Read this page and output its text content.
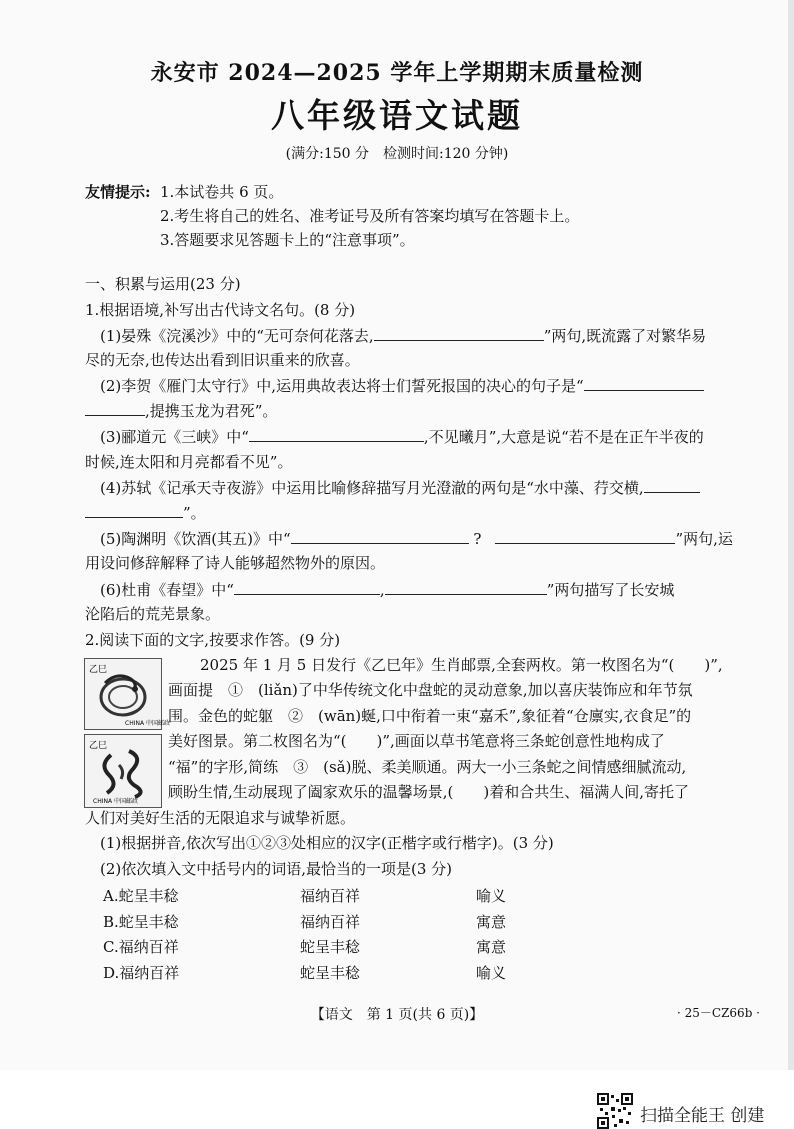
永安市 2024—2025 学年上学期期末质量检测
八年级语文试题
(满分:150 分　检测时间:120 分钟)
友情提示: 1.本试卷共 6 页。
2.考生将自己的姓名、准考证号及所有答案均填写在答题卡上。
3.答题要求见答题卡上的“注意事项”。
一、积累与运用(23 分)
1.根据语境,补写出古代诗文名句。(8 分)
(1)晏殊《浣溪沙》中的“无可奈何花落去,	”两句,既流露了对繁华易
尽的无奈,也传达出看到旧识重来的欣喜。
(2)李贺《雁门太守行》中,运用典故表达将士们誓死报国的决心的句子是“
,提携玉龙为君死”。
(3)郦道元《三峡》中“	,不见曦月”,大意是说“若不是在正午半夜的
时候,连太阳和月亮都看不见”。
(4)苏轼《记承天寺夜游》中运用比喻修辞描写月光澄澈的两句是“水中藻、荇交横,
”。
(5)陶渊明《饮酒(其五)》中“	?	”两句,运
用设问修辞解释了诗人能够超然物外的原因。
(6)杜甫《春望》中“	,	”两句描写了长安城
沦陷后的荒芜景象。
2.阅读下面的文字,按要求作答。(9 分)
乙巳
CHINA 中国邮政
乙巳
CHINA 中国邮政
2025 年 1 月 5 日发行《乙巳年》生肖邮票,全套两枚。第一枚图名为“(　　)”,
画面提　①　(liǎn)了中华传统文化中盘蛇的灵动意象,加以喜庆装饰应和年节氛
围。金色的蛇躯　②　(wān)蜒,口中衔着一束“嘉禾”,象征着“仓廪实,衣食足”的
美好图景。第二枚图名为“(　　)”,画面以草书笔意将三条蛇创意性地构成了
“福”的字形,简练　③　(sǎ)脱、柔美顺通。两大一小三条蛇之间情感细腻流动,
顾盼生情,生动展现了阖家欢乐的温馨场景,(　　)着和合共生、福满人间,寄托了
人们对美好生活的无限追求与诚挚祈愿。
(1)根据拼音,依次写出①②③处相应的汉字(正楷字或行楷字)。(3 分)
(2)依次填入文中括号内的词语,最恰当的一项是(3 分)
A.蛇呈丰稔	福纳百祥	喻义
B.蛇呈丰稔	福纳百祥	寓意
C.福纳百祥	蛇呈丰稔	寓意
D.福纳百祥	蛇呈丰稔	喻义
【语文　第 1 页(共 6 页)】	· 25－CZ66b ·
扫描全能王 创建
